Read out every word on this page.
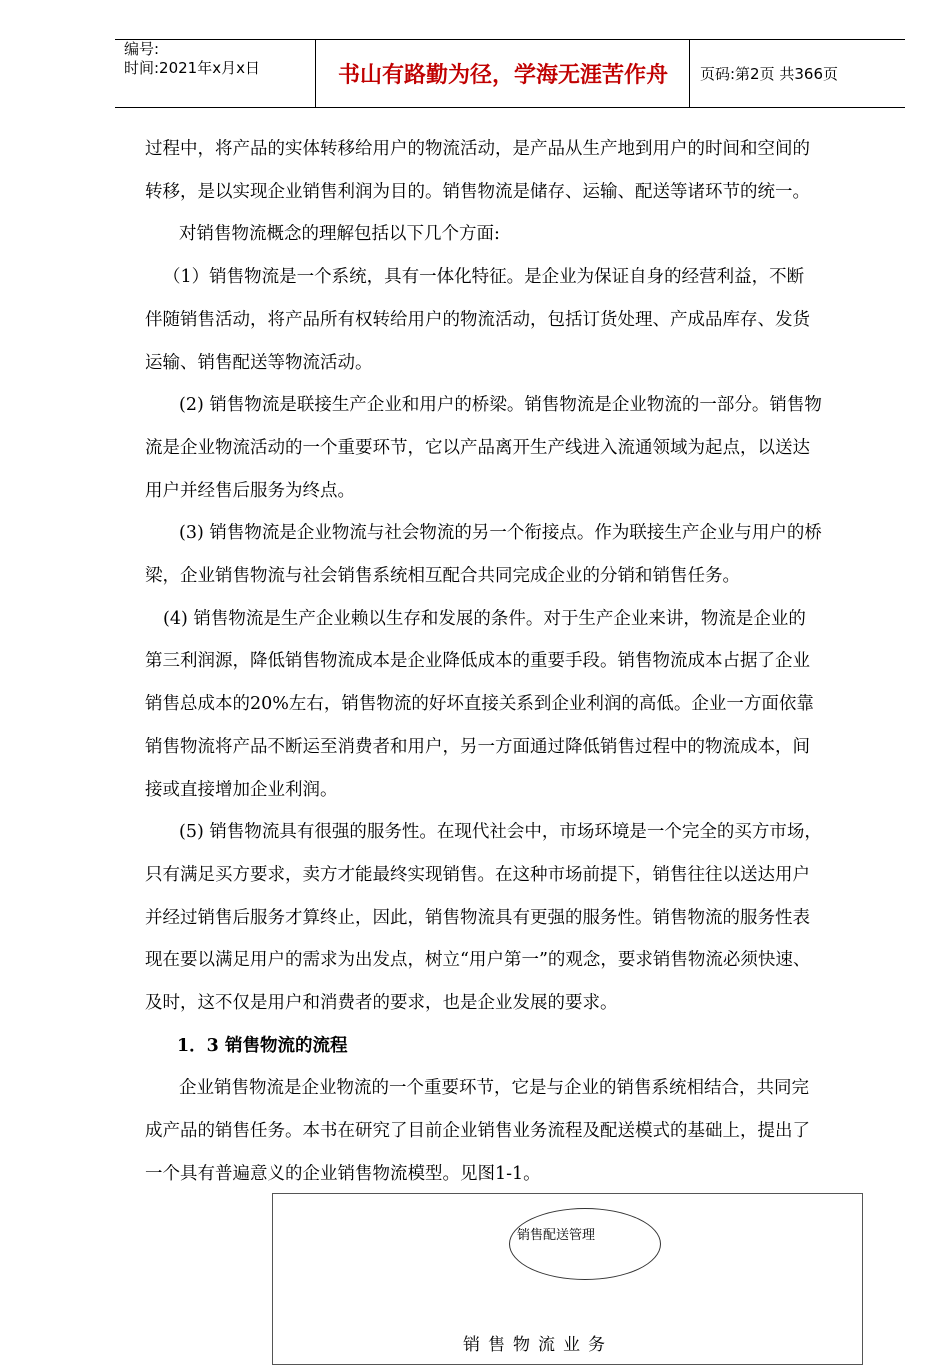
编号:
时间:2021年x月x日	书山有路勤为径，学海无涯苦作舟	页码:第2页 共366页

过程中，将产品的实体转移给用户的物流活动，是产品从生产地到用户的时间和空间的

转移，是以实现企业销售利润为目的。销售物流是储存、运输、配送等诸环节的统一。

对销售物流概念的理解包括以下几个方面:

（1）销售物流是一个系统，具有一体化特征。是企业为保证自身的经营利益，不断

伴随销售活动，将产品所有权转给用户的物流活动，包括订货处理、产成品库存、发货

运输、销售配送等物流活动。

(2) 销售物流是联接生产企业和用户的桥梁。销售物流是企业物流的一部分。销售物

流是企业物流活动的一个重要环节，它以产品离开生产线进入流通领域为起点，以送达

用户并经售后服务为终点。

(3) 销售物流是企业物流与社会物流的另一个衔接点。作为联接生产企业与用户的桥

梁，企业销售物流与社会销售系统相互配合共同完成企业的分销和销售任务。

(4) 销售物流是生产企业赖以生存和发展的条件。对于生产企业来讲，物流是企业的

第三利润源，降低销售物流成本是企业降低成本的重要手段。销售物流成本占据了企业

销售总成本的20%左右，销售物流的好坏直接关系到企业利润的高低。企业一方面依靠

销售物流将产品不断运至消费者和用户，另一方面通过降低销售过程中的物流成本，间

接或直接增加企业利润。

(5) 销售物流具有很强的服务性。在现代社会中，市场环境是一个完全的买方市场，

只有满足买方要求，卖方才能最终实现销售。在这种市场前提下，销售往往以送达用户

并经过销售后服务才算终止，因此，销售物流具有更强的服务性。销售物流的服务性表

现在要以满足用户的需求为出发点，树立“用户第一”的观念，要求销售物流必须快速、

及时，这不仅是用户和消费者的要求，也是企业发展的要求。

1．3 销售物流的流程

企业销售物流是企业物流的一个重要环节，它是与企业的销售系统相结合，共同完

成产品的销售任务。本书在研究了目前企业销售业务流程及配送模式的基础上，提出了

一个具有普遍意义的企业销售物流模型。见图1-1。

销售配送管理
销售物流业务
